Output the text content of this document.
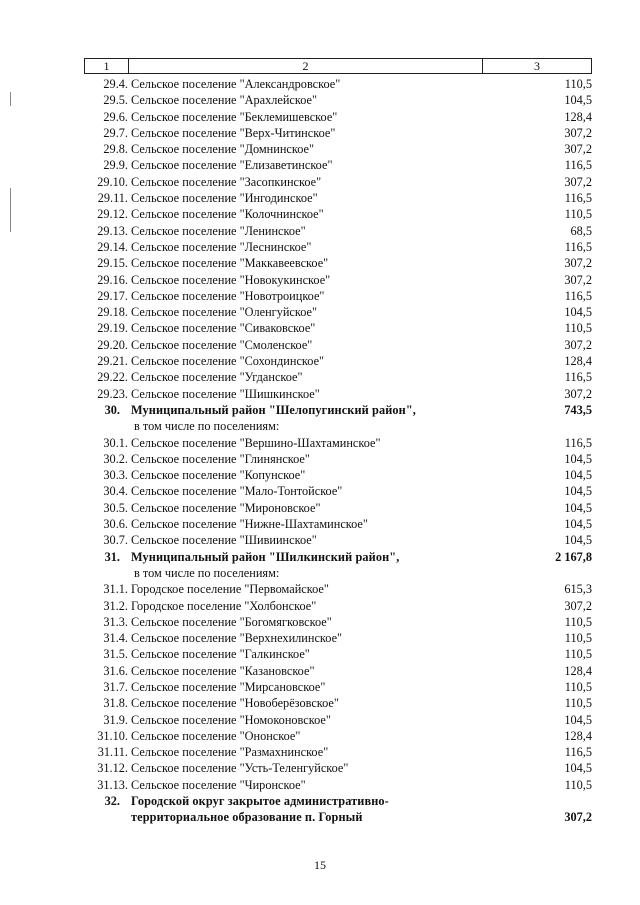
1	2	3
29.4. Сельское поселение "Александровское"	110,5
29.5. Сельское поселение "Арахлейское"	104,5
29.6. Сельское поселение "Беклемишевское"	128,4
29.7. Сельское поселение "Верх-Читинское"	307,2
29.8. Сельское поселение "Домнинское"	307,2
29.9. Сельское поселение "Елизаветинское"	116,5
29.10. Сельское поселение "Засопкинское"	307,2
29.11. Сельское поселение "Ингодинское"	116,5
29.12. Сельское поселение "Колочнинское"	110,5
29.13. Сельское поселение "Ленинское"	68,5
29.14. Сельское поселение "Леснинское"	116,5
29.15. Сельское поселение "Маккавеевское"	307,2
29.16. Сельское поселение "Новокукинское"	307,2
29.17. Сельское поселение "Новотроицкое"	116,5
29.18. Сельское поселение "Оленгуйское"	104,5
29.19. Сельское поселение "Сиваковское"	110,5
29.20. Сельское поселение "Смоленское"	307,2
29.21. Сельское поселение "Сохондинское"	128,4
29.22. Сельское поселение "Угданское"	116,5
29.23. Сельское поселение "Шишкинское"	307,2
30. Муниципальный район "Шелопугинский район",	743,5
в том числе по поселениям:
30.1. Сельское поселение "Вершино-Шахтаминское"	116,5
30.2. Сельское поселение "Глинянское"	104,5
30.3. Сельское поселение "Копунское"	104,5
30.4. Сельское поселение "Мало-Тонтойское"	104,5
30.5. Сельское поселение "Мироновское"	104,5
30.6. Сельское поселение "Нижне-Шахтаминское"	104,5
30.7. Сельское поселение "Шивиинское"	104,5
31. Муниципальный район "Шилкинский район",	2 167,8
в том числе по поселениям:
31.1. Городское поселение "Первомайское"	615,3
31.2. Городское поселение "Холбонское"	307,2
31.3. Сельское поселение "Богомягковское"	110,5
31.4. Сельское поселение "Верхнехилинское"	110,5
31.5. Сельское поселение "Галкинское"	110,5
31.6. Сельское поселение "Казановское"	128,4
31.7. Сельское поселение "Мирсановское"	110,5
31.8. Сельское поселение "Новоберёзовское"	110,5
31.9. Сельское поселение "Номоконовское"	104,5
31.10. Сельское поселение "Ононское"	128,4
31.11. Сельское поселение "Размахнинское"	116,5
31.12. Сельское поселение "Усть-Теленгуйское"	104,5
31.13. Сельское поселение "Чиронское"	110,5
32. Городской округ закрытое административно-
территориальное образование п. Горный	307,2
15
